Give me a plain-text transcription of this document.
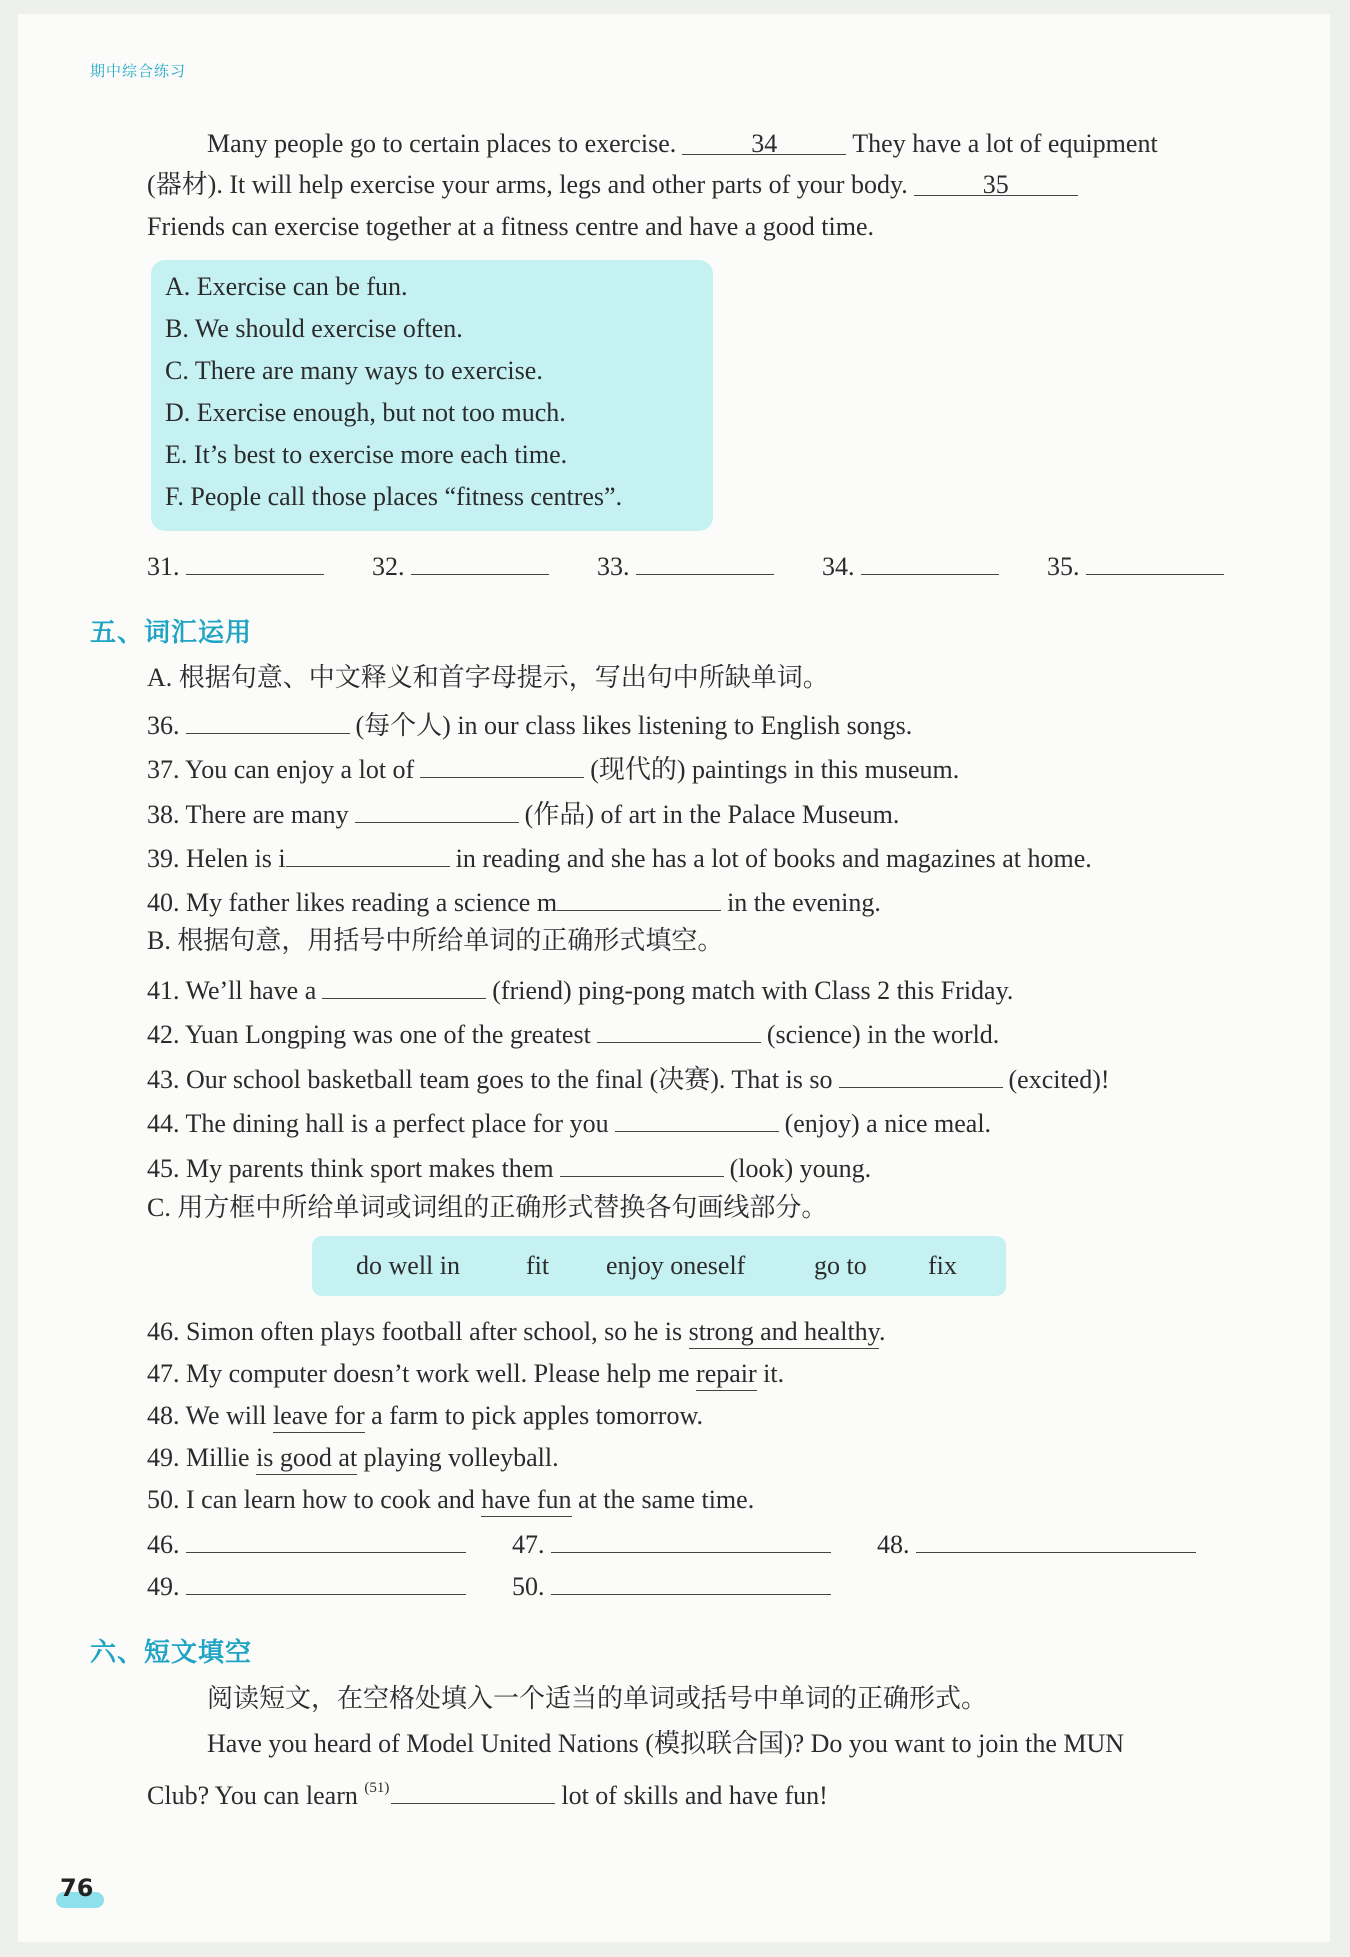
期中综合练习
Many people go to certain places to exercise.	34	They have a lot of equipment
(器材). It will help exercise your arms, legs and other parts of your body.	35
Friends can exercise together at a fitness centre and have a good time.
A. Exercise can be fun.
B. We should exercise often.
C. There are many ways to exercise.
D. Exercise enough, but not too much.
E. It’s best to exercise more each time.
F. People call those places “fitness centres”.
31.	32.	33.	34.	35.
五、词汇运用
A. 根据句意、中文释义和首字母提示，写出句中所缺单词。
36.	(每个人) in our class likes listening to English songs.
37. You can enjoy a lot of	(现代的) paintings in this museum.
38. There are many	(作品) of art in the Palace Museum.
39. Helen is i	in reading and she has a lot of books and magazines at home.
40. My father likes reading a science m	in the evening.
B. 根据句意，用括号中所给单词的正确形式填空。
41. We’ll have a	(friend) ping-pong match with Class 2 this Friday.
42. Yuan Longping was one of the greatest	(science) in the world.
43. Our school basketball team goes to the final (决赛). That is so	(excited)!
44. The dining hall is a perfect place for you	(enjoy) a nice meal.
45. My parents think sport makes them	(look) young.
C. 用方框中所给单词或词组的正确形式替换各句画线部分。
do well in	fit enjoy oneself	go to fix
46. Simon often plays football after school, so he is strong and healthy.
47. My computer doesn’t work well. Please help me repair it.
48. We will leave for a farm to pick apples tomorrow.
49. Millie is good at playing volleyball.
50. I can learn how to cook and have fun at the same time.
46.	47.	48.
49.	50.
六、短文填空
阅读短文，在空格处填入一个适当的单词或括号中单词的正确形式。
Have you heard of Model United Nations (模拟联合国)? Do you want to join the MUN
Club? You can learn $^{(51)}$	lot of skills and have fun!
76
